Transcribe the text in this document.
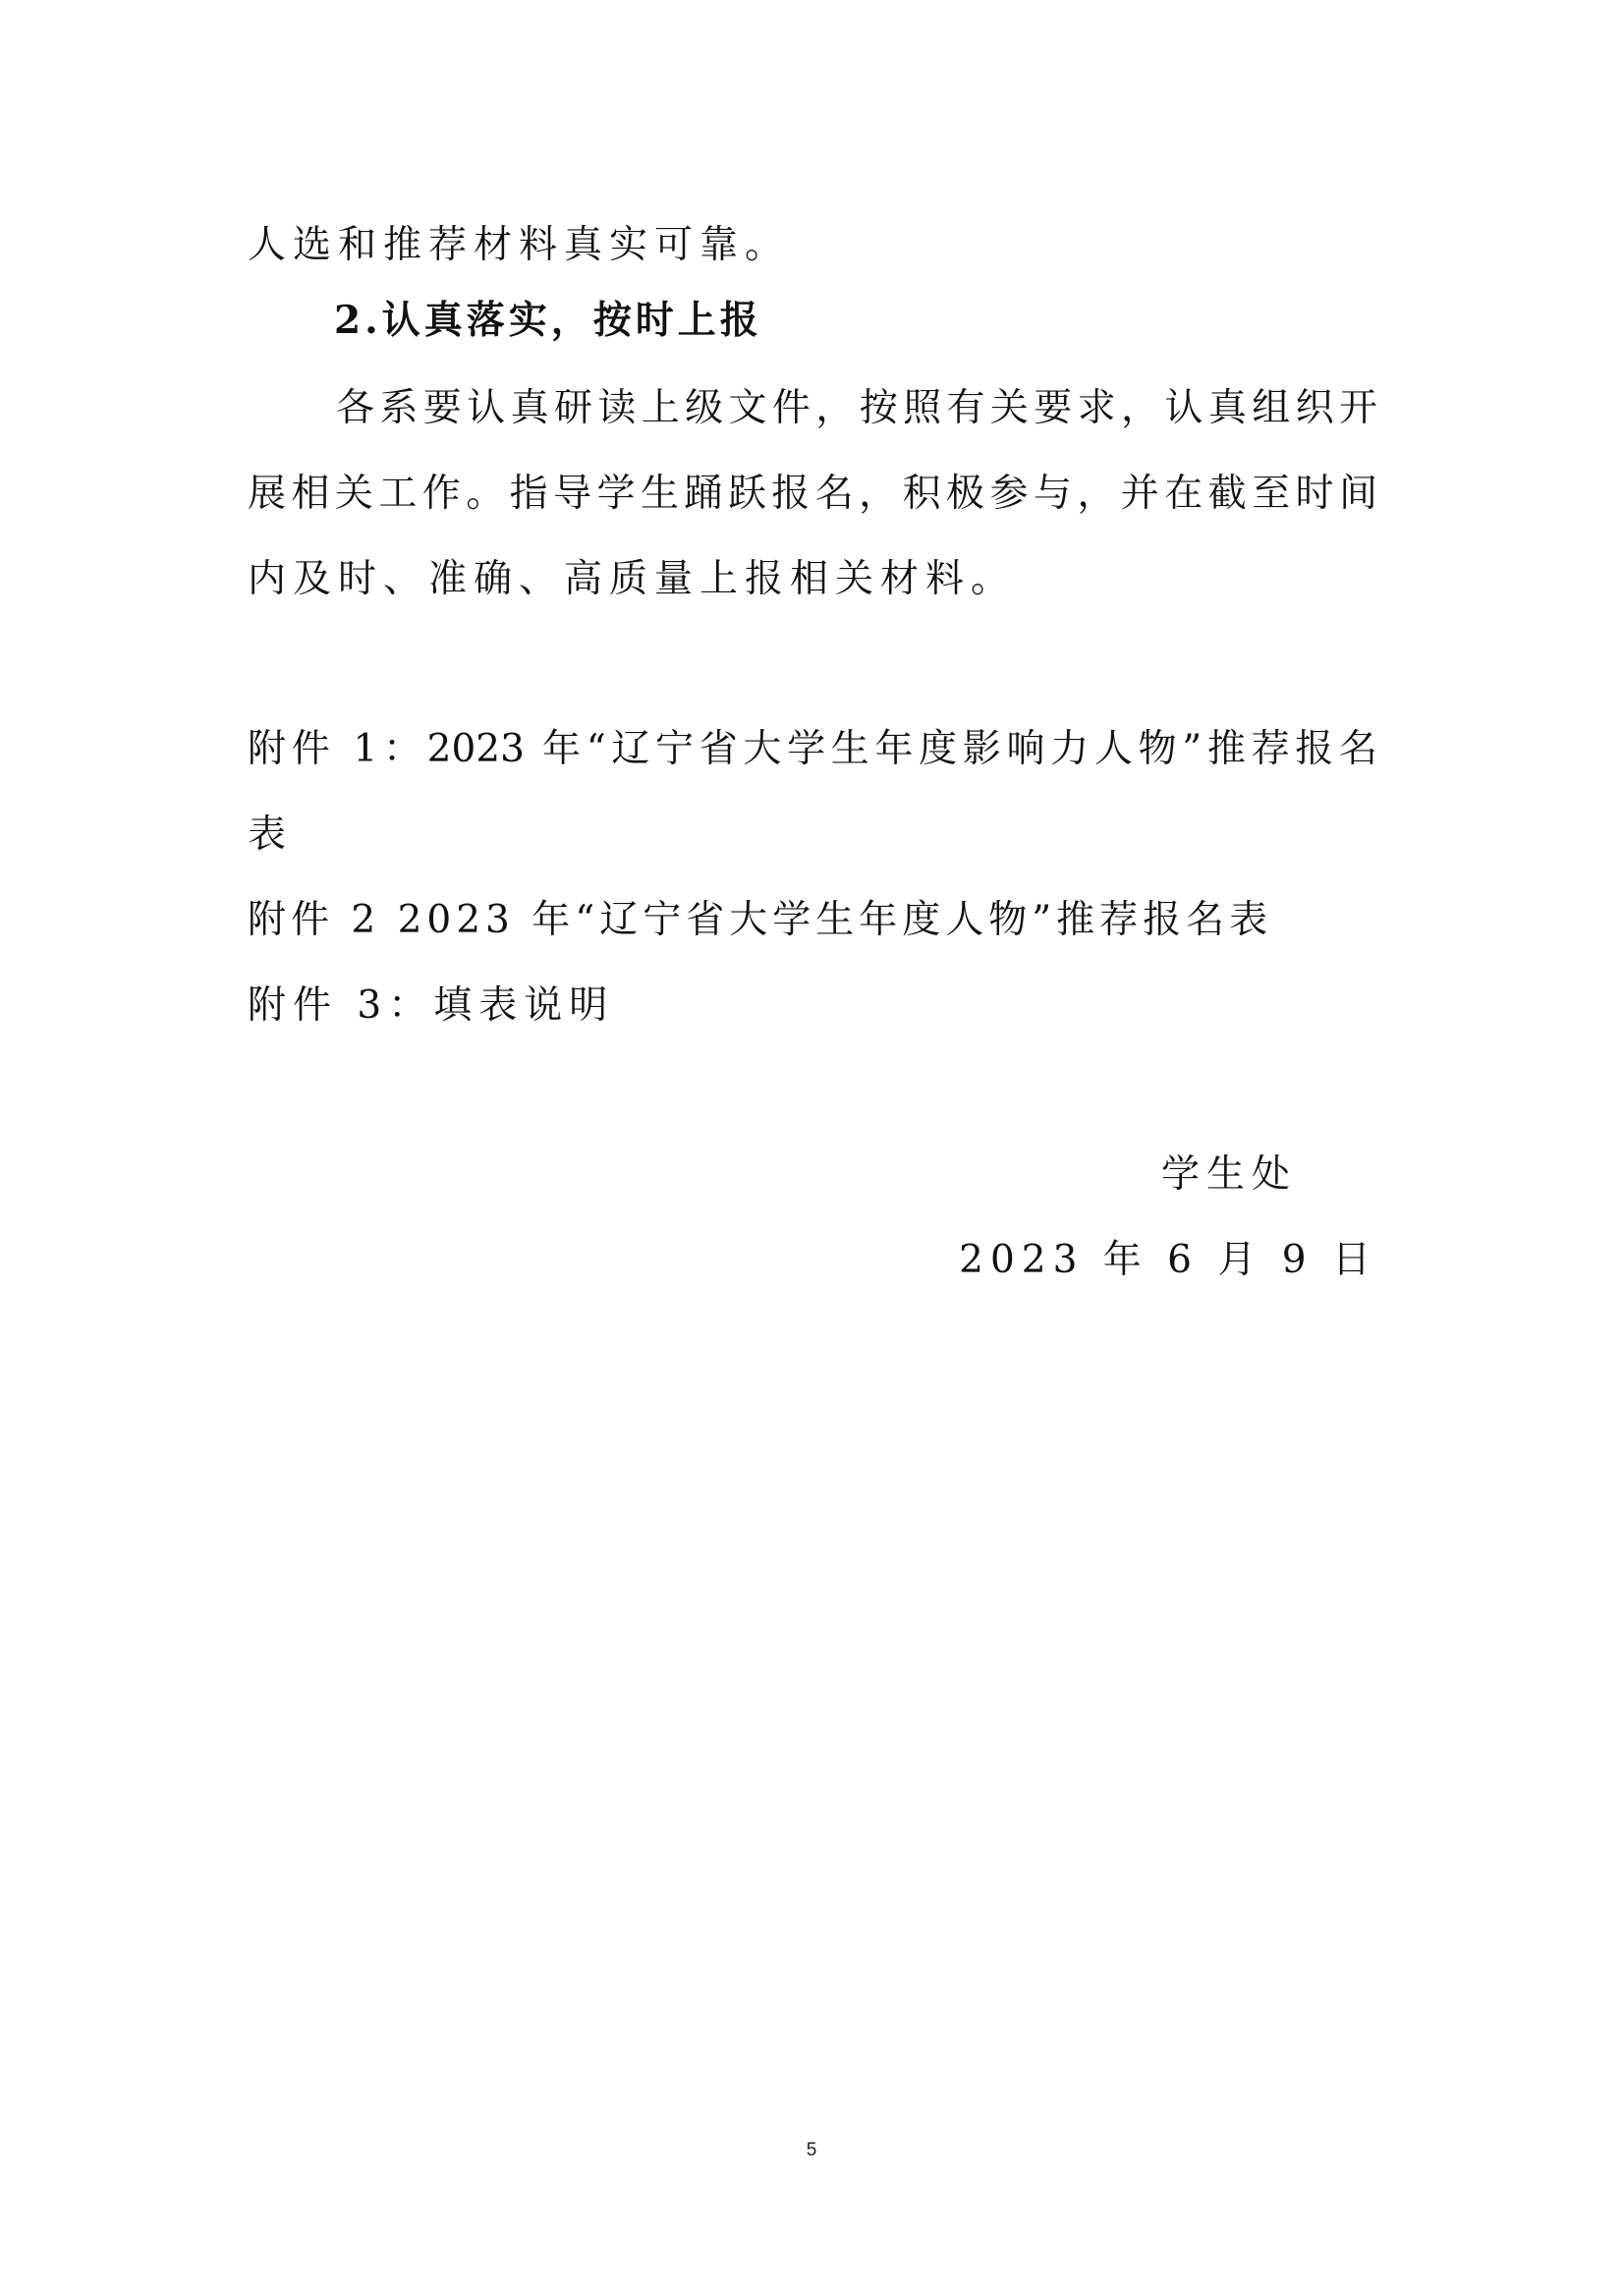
人选和推荐材料真实可靠。
2.认真落实，按时上报
各系要认真研读上级文件，按照有关要求，认真组织开
展相关工作。指导学生踊跃报名，积极参与，并在截至时间
内及时、准确、高质量上报相关材料。
附件 1：2023 年“辽宁省大学生年度影响力人物”推荐报名
表
附件 2 2023 年“辽宁省大学生年度人物”推荐报名表
附件 3：填表说明
学生处
2023 年 6 月 9 日
5
